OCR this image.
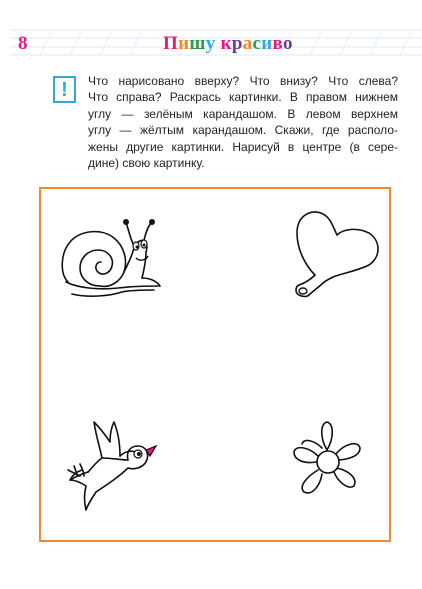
8	Пишу красиво
! Что нарисовано вверху? Что внизу? Что слева?
Что справа? Раскрась картинки. В правом нижнем
углу — зелёным карандашом. В левом верхнем
углу — жёлтым карандашом. Скажи, где располо-
жены другие картинки. Нарисуй в центре (в сере-
дине) свою картинку.
